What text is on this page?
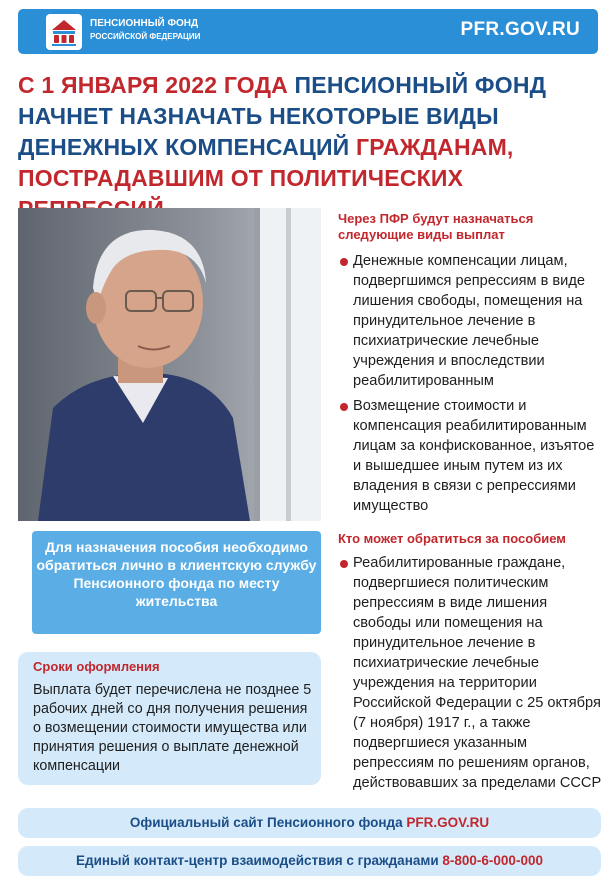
ПЕНСИОННЫЙ ФОНД
РОССИЙСКОЙ ФЕДЕРАЦИИ	PFR.GOV.RU
С 1 ЯНВАРЯ 2022 ГОДА ПЕНСИОННЫЙ ФОНД НАЧНЕТ НАЗНАЧАТЬ НЕКОТОРЫЕ ВИДЫ ДЕНЕЖНЫХ КОМПЕНСАЦИЙ ГРАЖДАНАМ, ПОСТРАДАВШИМ ОТ ПОЛИТИЧЕСКИХ
Через ПФР будут назначаться следующие виды выплат
Денежные компенсации лицам, подвергшимся репрессиям в виде лишения свободы, помещения на принудительное лечение в психиатрические лечебные учреждения и впоследствии реабилитированным
Возмещение стоимости и компенсация реабилитированным лицам за конфискованное, изъятое и вышедшее иным путем из их владения в связи с репрессиями имущество
Кто может обратиться за пособием
Реабилитированные граждане, подвергшиеся политическим репрессиям в виде лишения свободы или помещения на принудительное лечение в психиатрические лечебные учреждения на территории Российской Федерации с 25 октября (7 ноября) 1917 г., а также подвергшиеся указанным репрессиям по решениям органов, действовавших за пределами СССР
Для назначения пособия необходимо обратиться лично в клиентскую службу Пенсионного фонда по месту жительства
Сроки оформления
Выплата будет перечислена не позднее 5 рабочих дней со дня получения решения о возмещении стоимости имущества или принятия решения о выплате денежной компенсации
Официальный сайт Пенсионного фонда PFR.GOV.RU
Единый контакт-центр взаимодействия с гражданами 8-800-6-000-000
